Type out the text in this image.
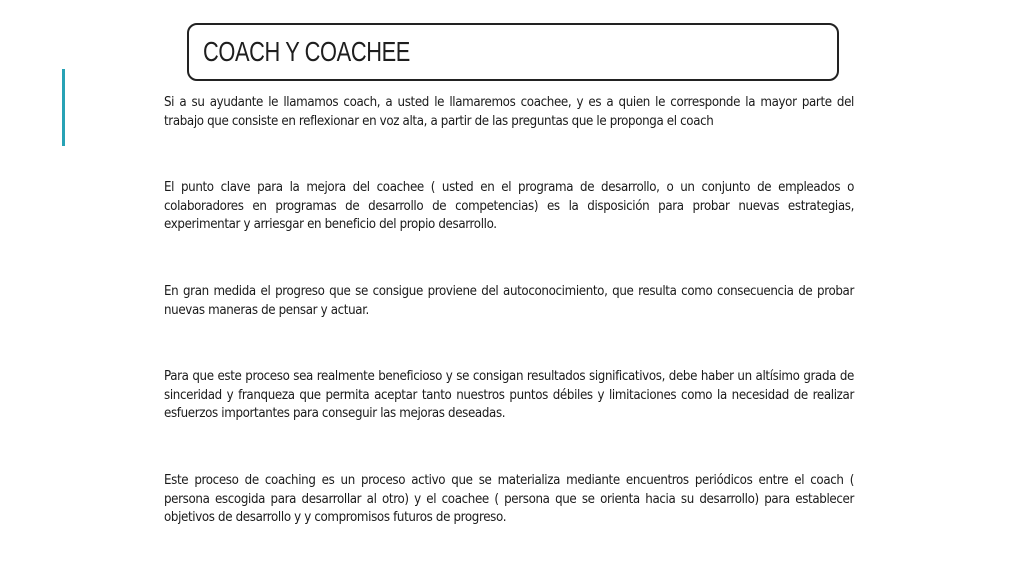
COACH Y COACHEE
Si a su ayudante le llamamos coach, a usted le llamaremos coachee, y es a quien le corresponde la mayor parte del trabajo que consiste en reflexionar en voz alta, a partir de las preguntas que le proponga el coach
El punto clave para la mejora del coachee ( usted en el programa de desarrollo, o un conjunto de empleados o colaboradores en programas de desarrollo de competencias) es la disposición para probar nuevas estrategias, experimentar y arriesgar en beneficio del propio desarrollo.
En gran medida el progreso que se consigue proviene del autoconocimiento, que resulta como consecuencia de probar nuevas maneras de pensar y actuar.
Para que este proceso sea realmente beneficioso y se consigan resultados significativos, debe haber un altísimo grada de sinceridad y franqueza que permita aceptar tanto nuestros puntos débiles y limitaciones como la necesidad de realizar esfuerzos importantes para conseguir las mejoras deseadas.
Este proceso de coaching es un proceso activo que se materializa mediante encuentros periódicos entre el coach ( persona escogida para desarrollar al otro) y el coachee ( persona que se orienta hacia su desarrollo) para establecer objetivos de desarrollo y y compromisos futuros de progreso.
